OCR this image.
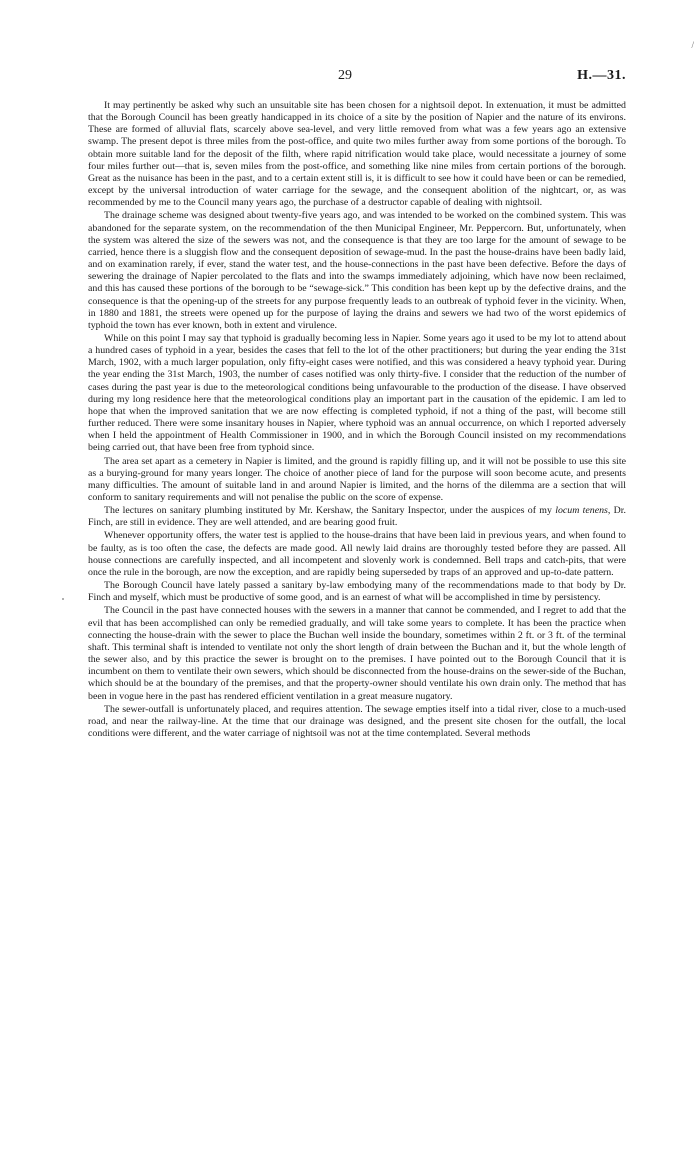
/
29	H.—31.

It may pertinently be asked why such an unsuitable site has been chosen for a nightsoil depot. In extenuation, it must be admitted that the Borough Council has been greatly handicapped in its choice of a site by the position of Napier and the nature of its environs. These are formed of alluvial flats, scarcely above sea-level, and very little removed from what was a few years ago an extensive swamp. The present depot is three miles from the post-office, and quite two miles further away from some portions of the borough. To obtain more suitable land for the deposit of the filth, where rapid nitrification would take place, would necessitate a journey of some four miles further out—that is, seven miles from the post-office, and something like nine miles from certain portions of the borough. Great as the nuisance has been in the past, and to a certain extent still is, it is difficult to see how it could have been or can be remedied, except by the universal introduction of water carriage for the sewage, and the consequent abolition of the nightcart, or, as was recommended by me to the Council many years ago, the purchase of a destructor capable of dealing with nightsoil.

The drainage scheme was designed about twenty-five years ago, and was intended to be worked on the combined system. This was abandoned for the separate system, on the recommendation of the then Municipal Engineer, Mr. Peppercorn. But, unfortunately, when the system was altered the size of the sewers was not, and the consequence is that they are too large for the amount of sewage to be carried, hence there is a sluggish flow and the consequent deposition of sewage-mud. In the past the house-drains have been badly laid, and on examination rarely, if ever, stand the water test, and the house-connections in the past have been defective. Before the days of sewering the drainage of Napier percolated to the flats and into the swamps immediately adjoining, which have now been reclaimed, and this has caused these portions of the borough to be “sewage-sick.” This condition has been kept up by the defective drains, and the consequence is that the opening-up of the streets for any purpose frequently leads to an outbreak of typhoid fever in the vicinity. When, in 1880 and 1881, the streets were opened up for the purpose of laying the drains and sewers we had two of the worst epidemics of typhoid the town has ever known, both in extent and virulence.

While on this point I may say that typhoid is gradually becoming less in Napier. Some years ago it used to be my lot to attend about a hundred cases of typhoid in a year, besides the cases that fell to the lot of the other practitioners; but during the year ending the 31st March, 1902, with a much larger population, only fifty-eight cases were notified, and this was considered a heavy typhoid year. During the year ending the 31st March, 1903, the number of cases notified was only thirty-five. I consider that the reduction of the number of cases during the past year is due to the meteorological conditions being unfavourable to the production of the disease. I have observed during my long residence here that the meteorological conditions play an important part in the causation of the epidemic. I am led to hope that when the improved sanitation that we are now effecting is completed typhoid, if not a thing of the past, will become still further reduced. There were some insanitary houses in Napier, where typhoid was an annual occurrence, on which I reported adversely when I held the appointment of Health Commissioner in 1900, and in which the Borough Council insisted on my recommendations being carried out, that have been free from typhoid since.

The area set apart as a cemetery in Napier is limited, and the ground is rapidly filling up, and it will not be possible to use this site as a burying-ground for many years longer. The choice of another piece of land for the purpose will soon become acute, and presents many difficulties. The amount of suitable land in and around Napier is limited, and the horns of the dilemma are a section that will conform to sanitary requirements and will not penalise the public on the score of expense.

The lectures on sanitary plumbing instituted by Mr. Kershaw, the Sanitary Inspector, under the auspices of my locum tenens, Dr. Finch, are still in evidence. They are well attended, and are bearing good fruit.

Whenever opportunity offers, the water test is applied to the house-drains that have been laid in previous years, and when found to be faulty, as is too often the case, the defects are made good. All newly laid drains are thoroughly tested before they are passed. All house connections are carefully inspected, and all incompetent and slovenly work is condemned. Bell traps and catch-pits, that were once the rule in the borough, are now the exception, and are rapidly being superseded by traps of an approved and up-to-date pattern.

The Borough Council have lately passed a sanitary by-law embodying many of the recommendations made to that body by Dr. Finch and myself, which must be productive of some good, and is an earnest of what will be accomplished in time by persistency.

The Council in the past have connected houses with the sewers in a manner that cannot be commended, and I regret to add that the evil that has been accomplished can only be remedied gradually, and will take some years to complete. It has been the practice when connecting the house-drain with the sewer to place the Buchan well inside the boundary, sometimes within 2 ft. or 3 ft. of the terminal shaft. This terminal shaft is intended to ventilate not only the short length of drain between the Buchan and it, but the whole length of the sewer also, and by this practice the sewer is brought on to the premises. I have pointed out to the Borough Council that it is incumbent on them to ventilate their own sewers, which should be disconnected from the house-drains on the sewer-side of the Buchan, which should be at the boundary of the premises, and that the property-owner should ventilate his own drain only. The method that has been in vogue here in the past has rendered efficient ventilation in a great measure nugatory.

The sewer-outfall is unfortunately placed, and requires attention. The sewage empties itself into a tidal river, close to a much-used road, and near the railway-line. At the time that our drainage was designed, and the present site chosen for the outfall, the local conditions were different, and the water carriage of nightsoil was not at the time contemplated. Several methods
